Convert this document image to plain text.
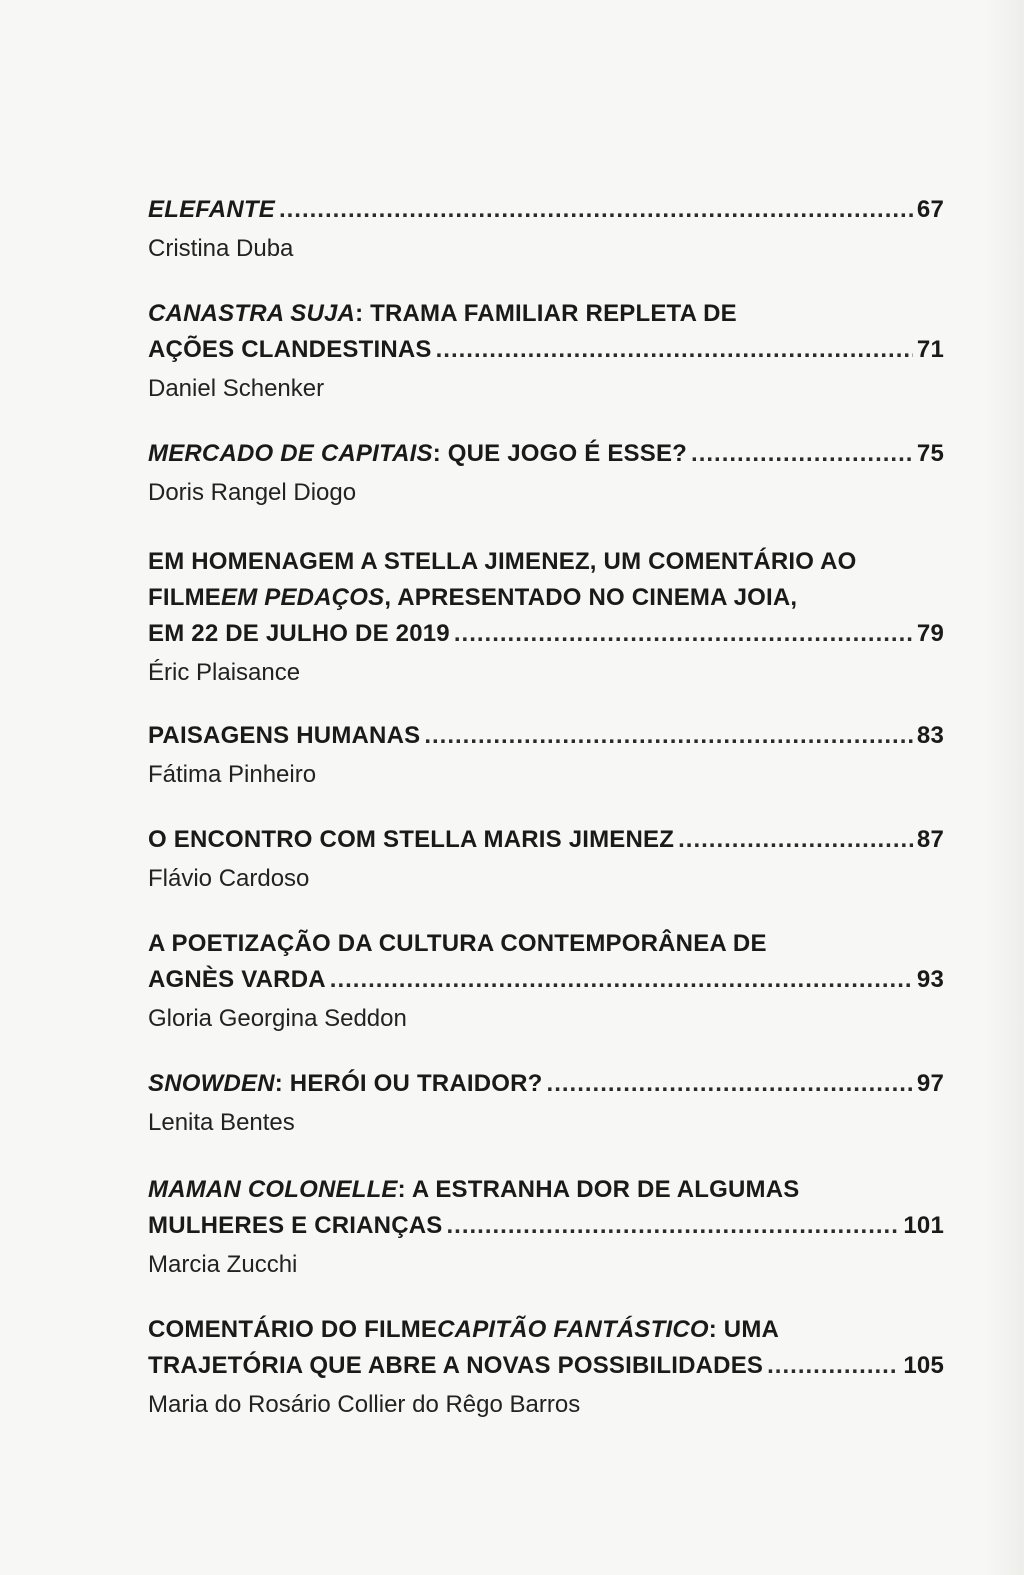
ELEFANTE .....	67
Cristina Duba
CANASTRA SUJA : TRAMA FAMILIAR REPLETA DE
AÇÕES CLANDESTINAS .....	71
Daniel Schenker
MERCADO DE CAPITAIS : QUE JOGO É ESSE? .....	75
Doris Rangel Diogo
EM HOMENAGEM A STELLA JIMENEZ, UM COMENTÁRIO AO
FILME EM PEDAÇOS , APRESENTADO NO CINEMA JOIA,
EM 22 DE JULHO DE 2019 .....	79
Éric Plaisance
PAISAGENS HUMANAS .....	83
Fátima Pinheiro
O ENCONTRO COM STELLA MARIS JIMENEZ .....	87
Flávio Cardoso
A POETIZAÇÃO DA CULTURA CONTEMPORÂNEA DE
AGNÈS VARDA .....	93
Gloria Georgina Seddon
SNOWDEN : HERÓI OU TRAIDOR? .....	97
Lenita Bentes
MAMAN COLONELLE : A ESTRANHA DOR DE ALGUMAS
MULHERES E CRIANÇAS .....	101
Marcia Zucchi
COMENTÁRIO DO FILME CAPITÃO FANTÁSTICO : UMA
TRAJETÓRIA QUE ABRE A NOVAS POSSIBILIDADES .....	105
Maria do Rosário Collier do Rêgo Barros
